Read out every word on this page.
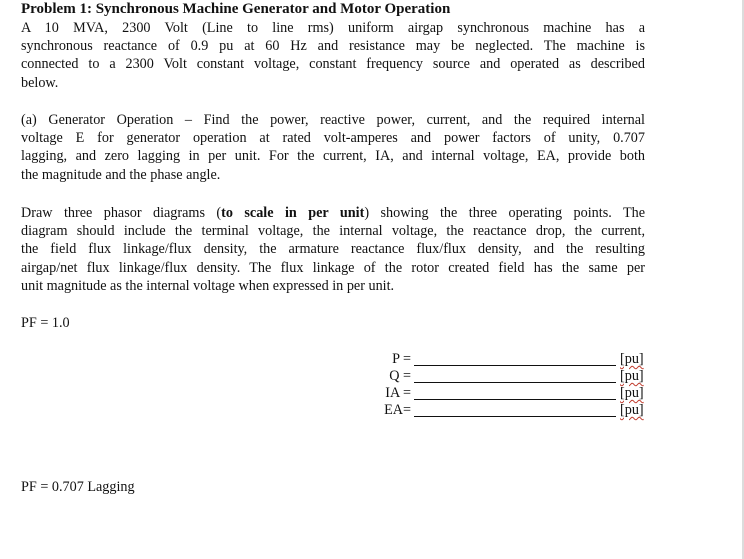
Problem 1: Synchronous Machine Generator and Motor Operation
A 10 MVA, 2300 Volt (Line to line rms) uniform airgap synchronous machine has a
synchronous reactance of 0.9 pu at 60 Hz and resistance may be neglected. The machine is
connected to a 2300 Volt constant voltage, constant frequency source and operated as described
below.
(a) Generator Operation – Find the power, reactive power, current, and the required internal
voltage E for generator operation at rated volt-amperes and power factors of unity, 0.707
lagging, and zero lagging in per unit. For the current, IA, and internal voltage, EA, provide both
the magnitude and the phase angle.
Draw three phasor diagrams (to scale in per unit) showing the three operating points. The
diagram should include the terminal voltage, the internal voltage, the reactance drop, the current,
the field flux linkage/flux density, the armature reactance flux/flux density, and the resulting
airgap/net flux linkage/flux density. The flux linkage of the rotor created field has the same per
unit magnitude as the internal voltage when expressed in per unit.
PF = 1.0
P =	[pu]
Q =	[pu]
IA =	[pu]
EA=	[pu]
PF = 0.707 Lagging
